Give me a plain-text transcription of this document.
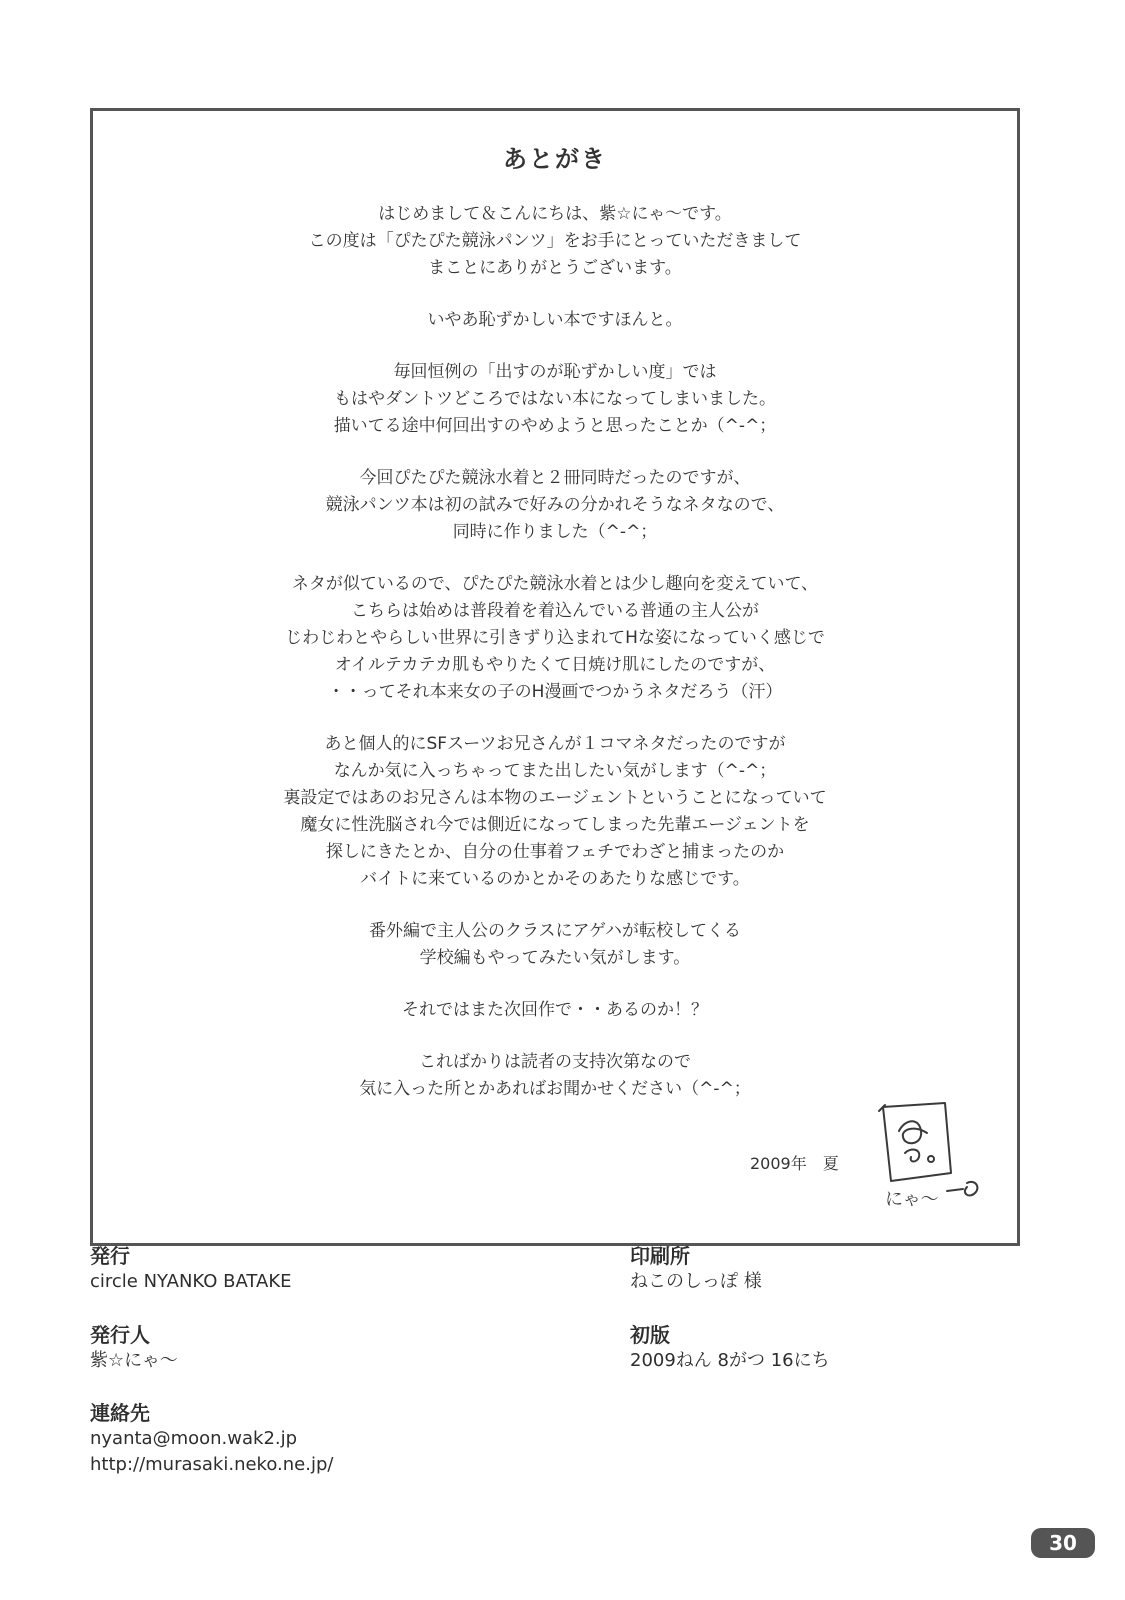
あとがき

はじめまして＆こんにちは、紫☆にゃ～です。
この度は「ぴたぴた競泳パンツ」をお手にとっていただきまして
まことにありがとうございます。

いやあ恥ずかしい本ですほんと。

毎回恒例の「出すのが恥ずかしい度」では
もはやダントツどころではない本になってしまいました。
描いてる途中何回出すのやめようと思ったことか（^-^；

今回ぴたぴた競泳水着と２冊同時だったのですが、
競泳パンツ本は初の試みで好みの分かれそうなネタなので、
同時に作りました（^-^；

ネタが似ているので、ぴたぴた競泳水着とは少し趣向を変えていて、
こちらは始めは普段着を着込んでいる普通の主人公が
じわじわとやらしい世界に引きずり込まれてHな姿になっていく感じで
オイルテカテカ肌もやりたくて日焼け肌にしたのですが、
・・ってそれ本来女の子のH漫画でつかうネタだろう（汗）

あと個人的にSFスーツお兄さんが１コマネタだったのですが
なんか気に入っちゃってまた出したい気がします（^-^；
裏設定ではあのお兄さんは本物のエージェントということになっていて
魔女に性洗脳され今では側近になってしまった先輩エージェントを
探しにきたとか、自分の仕事着フェチでわざと捕まったのか
バイトに来ているのかとかそのあたりな感じです。

番外編で主人公のクラスにアゲハが転校してくる
学校編もやってみたい気がします。

それではまた次回作で・・あるのか！？

こればかりは読者の支持次第なので
気に入った所とかあればお聞かせください（^-^；

2009年　夏
にゃ～
発行
circle NYANKO BATAKE
発行人
紫☆にゃ～
連絡先
nyanta@moon.wak2.jp
http://murasaki.neko.ne.jp/
印刷所
ねこのしっぽ 様
初版
2009ねん 8がつ 16にち
30
